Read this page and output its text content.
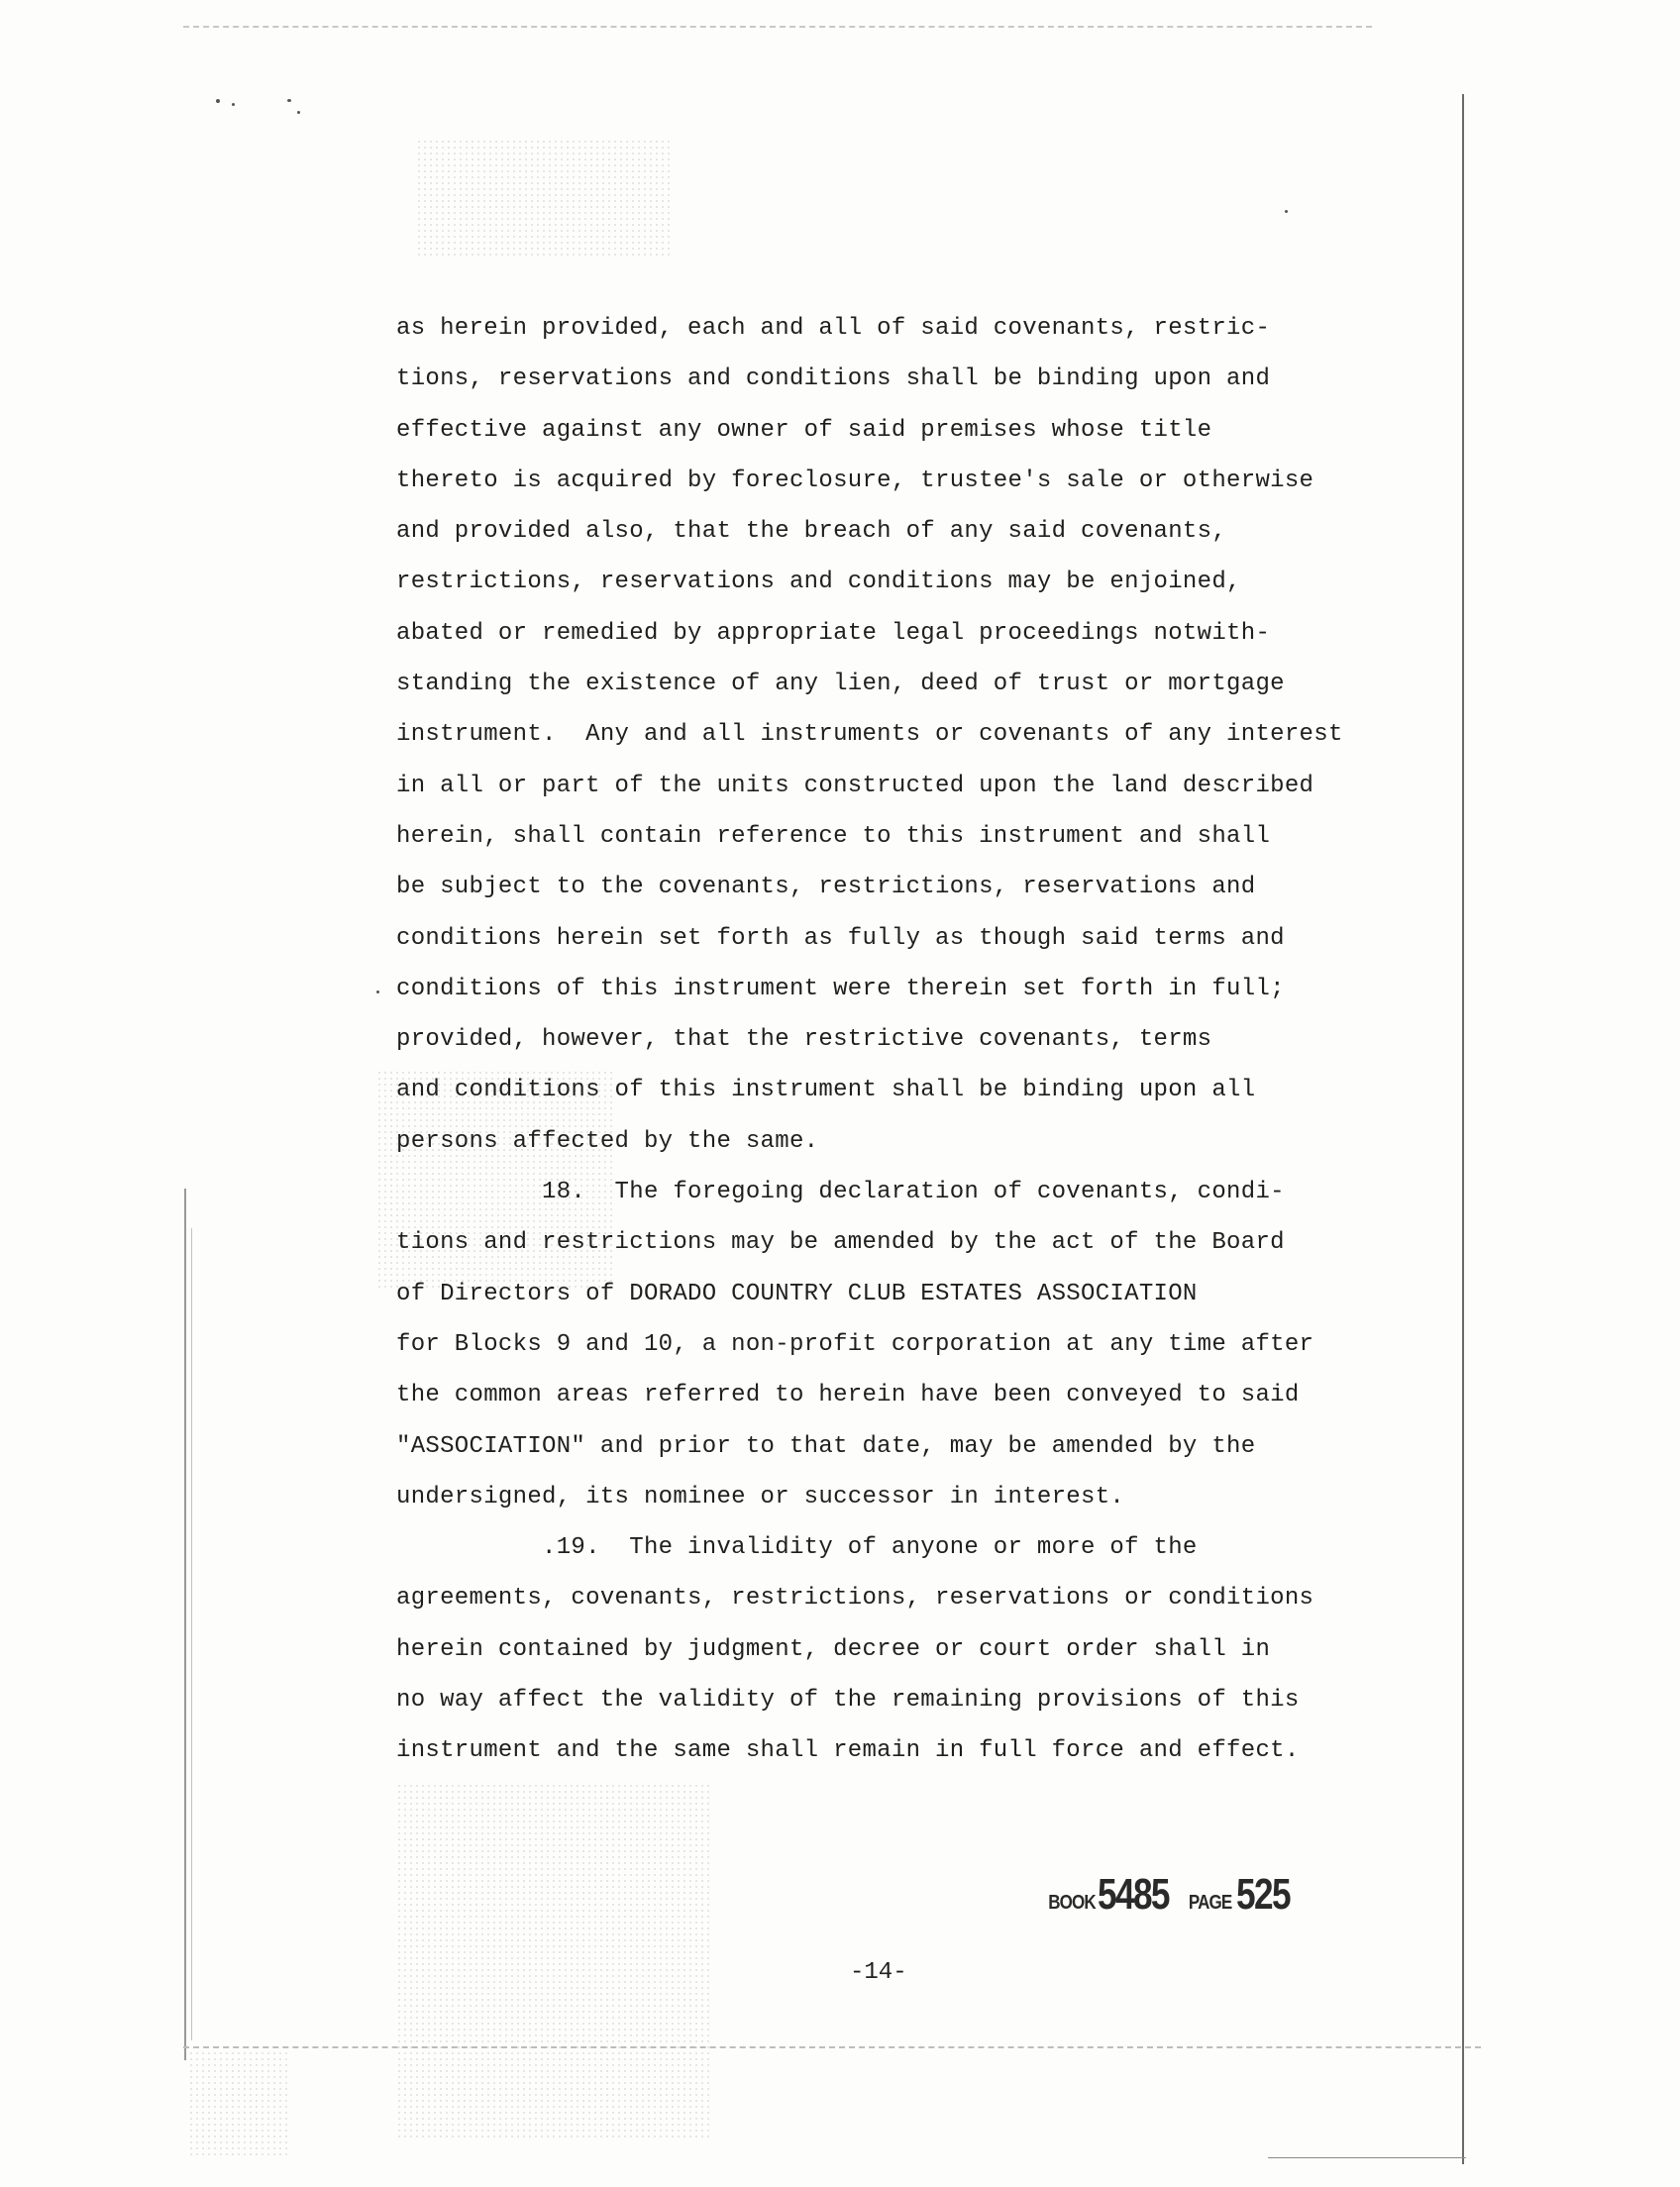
as herein provided, each and all of said covenants, restric-
tions, reservations and conditions shall be binding upon and
effective against any owner of said premises whose title
thereto is acquired by foreclosure, trustee's sale or otherwise
and provided also, that the breach of any said covenants,
restrictions, reservations and conditions may be enjoined,
abated or remedied by appropriate legal proceedings notwith-
standing the existence of any lien, deed of trust or mortgage
instrument.  Any and all instruments or covenants of any interest
in all or part of the units constructed upon the land described
herein, shall contain reference to this instrument and shall
be subject to the covenants, restrictions, reservations and
conditions herein set forth as fully as though said terms and
conditions of this instrument were therein set forth in full;
provided, however, that the restrictive covenants, terms
and conditions of this instrument shall be binding upon all
persons affected by the same.
18.  The foregoing declaration of covenants, condi-
tions and restrictions may be amended by the act of the Board
of Directors of DORADO COUNTRY CLUB ESTATES ASSOCIATION
for Blocks 9 and 10, a non-profit corporation at any time after
the common areas referred to herein have been conveyed to said
"ASSOCIATION" and prior to that date, may be amended by the
undersigned, its nominee or successor in interest.
.19.  The invalidity of anyone or more of the
agreements, covenants, restrictions, reservations or conditions
herein contained by judgment, decree or court order shall in
no way affect the validity of the remaining provisions of this
instrument and the same shall remain in full force and effect.
BOOK5485 PAGE525
-14-
